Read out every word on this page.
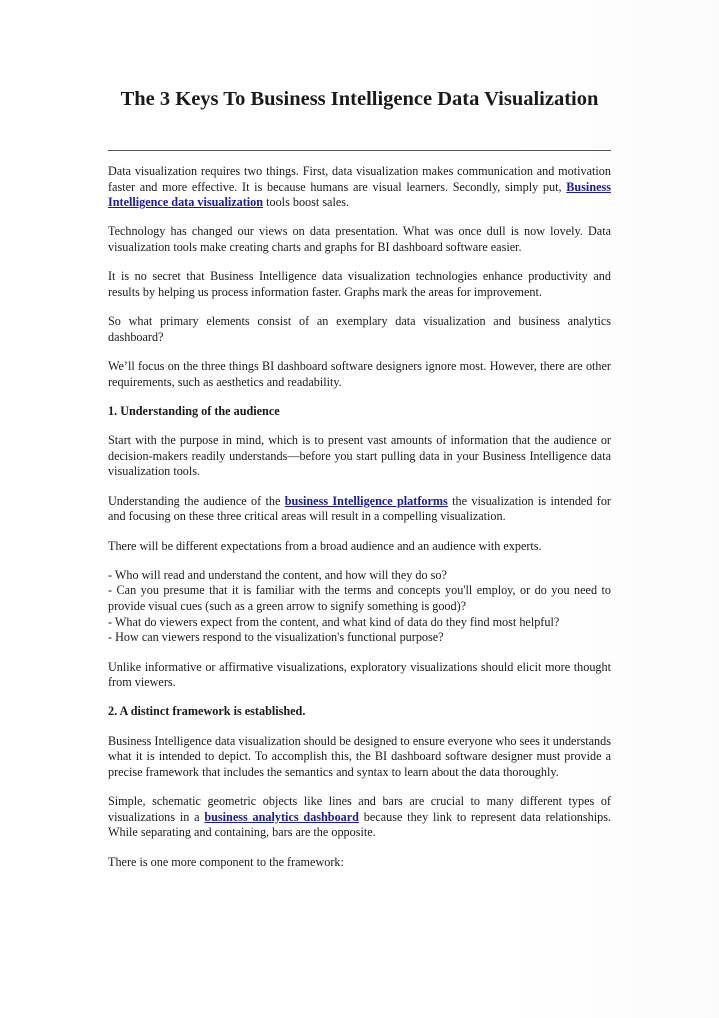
The 3 Keys To Business Intelligence Data Visualization

Data visualization requires two things. First, data visualization makes communication and motivation faster and more effective. It is because humans are visual learners. Secondly, simply put, Business Intelligence data visualization tools boost sales.

Technology has changed our views on data presentation. What was once dull is now lovely. Data visualization tools make creating charts and graphs for BI dashboard software easier.

It is no secret that Business Intelligence data visualization technologies enhance productivity and results by helping us process information faster. Graphs mark the areas for improvement.

So what primary elements consist of an exemplary data visualization and business analytics dashboard?

We’ll focus on the three things BI dashboard software designers ignore most. However, there are other requirements, such as aesthetics and readability.

1. Understanding of the audience

Start with the purpose in mind, which is to present vast amounts of information that the audience or decision-makers readily understands—before you start pulling data in your Business Intelligence data visualization tools.

Understanding the audience of the business Intelligence platforms the visualization is intended for and focusing on these three critical areas will result in a compelling visualization.

There will be different expectations from a broad audience and an audience with experts.

- Who will read and understand the content, and how will they do so?
- Can you presume that it is familiar with the terms and concepts you'll employ, or do you need to provide visual cues (such as a green arrow to signify something is good)?
- What do viewers expect from the content, and what kind of data do they find most helpful?
- How can viewers respond to the visualization's functional purpose?

Unlike informative or affirmative visualizations, exploratory visualizations should elicit more thought from viewers.

2. A distinct framework is established.

Business Intelligence data visualization should be designed to ensure everyone who sees it understands what it is intended to depict. To accomplish this, the BI dashboard software designer must provide a precise framework that includes the semantics and syntax to learn about the data thoroughly.

Simple, schematic geometric objects like lines and bars are crucial to many different types of visualizations in a business analytics dashboard because they link to represent data relationships. While separating and containing, bars are the opposite.

There is one more component to the framework:
